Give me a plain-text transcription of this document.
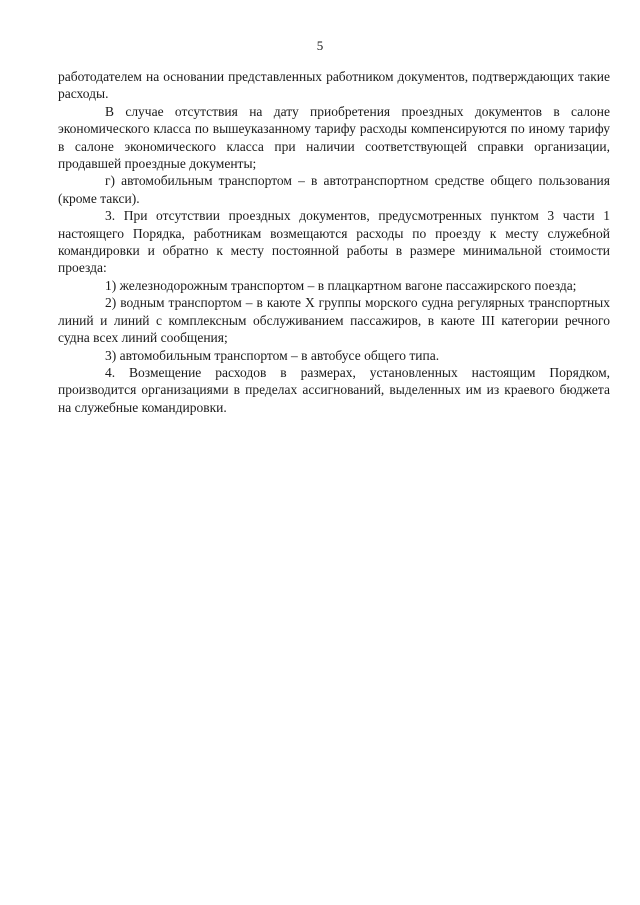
5

работодателем на основании представленных работником документов, подтверждающих такие расходы.

В случае отсутствия на дату приобретения проездных документов в салоне экономического класса по вышеуказанному тарифу расходы компенсируются по иному тарифу в салоне экономического класса при наличии соответствующей справки организации, продавшей проездные документы;

г) автомобильным транспортом – в автотранспортном средстве общего пользования (кроме такси).

3. При отсутствии проездных документов, предусмотренных пунктом 3 части 1 настоящего Порядка, работникам возмещаются расходы по проезду к месту служебной командировки и обратно к месту постоянной работы в размере минимальной стоимости проезда:

1) железнодорожным транспортом – в плацкартном вагоне пассажирского поезда;

2) водным транспортом – в каюте X группы морского судна регулярных транспортных линий и линий с комплексным обслуживанием пассажиров, в каюте III категории речного судна всех линий сообщения;

3) автомобильным транспортом – в автобусе общего типа.

4. Возмещение расходов в размерах, установленных настоящим Порядком, производится организациями в пределах ассигнований, выделенных им из краевого бюджета на служебные командировки.
